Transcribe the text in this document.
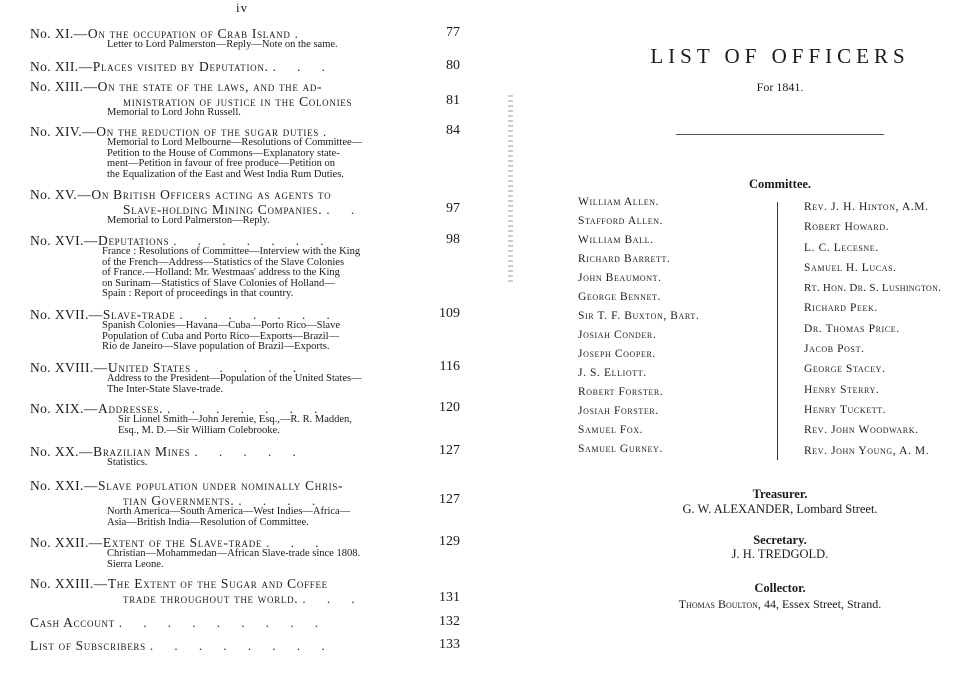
iv
No. XI.—On the occupation of Crab Island .	77
Letter to Lord Palmerston—Reply—Note on the same.
No. XII.—Places visited by Deputation. . . .	80
No. XIII.—On the state of the laws, and the ad-
ministration of justice in the Colonies	81
Memorial to Lord John Russell.
No. XIV.—On the reduction of the sugar duties .	84
Memorial to Lord Melbourne—Resolutions of Committee—
Petition to the House of Commons—Explanatory state-
ment—Petition in favour of free produce—Petition on
the Equalization of the East and West India Rum Duties.
No. XV.—On British Officers acting as agents to
Slave-holding Mining Companies. . .	97
Memorial to Lord Palmerston—Reply.
No. XVI.—Deputations . . . . . . .	98
France : Resolutions of Committee—Interview with the King
of the French—Address—Statistics of the Slave Colonies
of France.—Holland: Mr. Westmaas' address to the King
on Surinam—Statistics of Slave Colonies of Holland—
Spain : Report of proceedings in that country.
No. XVII.—Slave-trade . . . . . . .	109
Spanish Colonies—Havana—Cuba—Porto Rico—Slave
Population of Cuba and Porto Rico—Exports—Brazil—
Rio de Janeiro—Slave population of Brazil—Exports.
No. XVIII.—United States . . . . .	116
Address to the President—Population of the United States—
The Inter-State Slave-trade.
No. XIX.—Addresses. . . . . . . .	120
Sir Lionel Smith—John Jeremie, Esq.,—R. R. Madden,
Esq., M. D.—Sir William Colebrooke.
No. XX.—Brazilian Mines . . . . .	127
Statistics.
No. XXI.—Slave population under nominally Chris-
tian Governments. . . . .	127
North America—South America—West Indies—Africa—
Asia—British India—Resolution of Committee.
No. XXII.—Extent of the Slave-trade . . .	129
Christian—Mohammedan—African Slave-trade since 1808.
Sierra Leone.
No. XXIII.—The Extent of the Sugar and Coffee
trade throughout the world. . . .	131
Cash Account . . . . . . . . .	132
List of Subscribers . . . . . . . .	133
LIST OF OFFICERS
For 1841.
Committee.
William Allen.
Stafford Allen.
William Ball.
Richard Barrett.
John Beaumont.
George Bennet.
Sir T. F. Buxton, Bart.
Josiah Conder.
Joseph Cooper.
J. S. Elliott.
Robert Forster.
Josiah Forster.
Samuel Fox.
Samuel Gurney.
Rev. J. H. Hinton, A.M.
Robert Howard.
L. C. Lecesne.
Samuel H. Lucas.
Rt. Hon. Dr. S. Lushington.
Richard Peek.
Dr. Thomas Price.
Jacob Post.
George Stacey.
Henry Sterry.
Henry Tuckett.
Rev. John Woodwark.
Rev. John Young, A. M.
Treasurer.
G. W. ALEXANDER, Lombard Street.
Secretary.
J. H. TREDGOLD.
Collector.
Thomas Boulton, 44, Essex Street, Strand.
